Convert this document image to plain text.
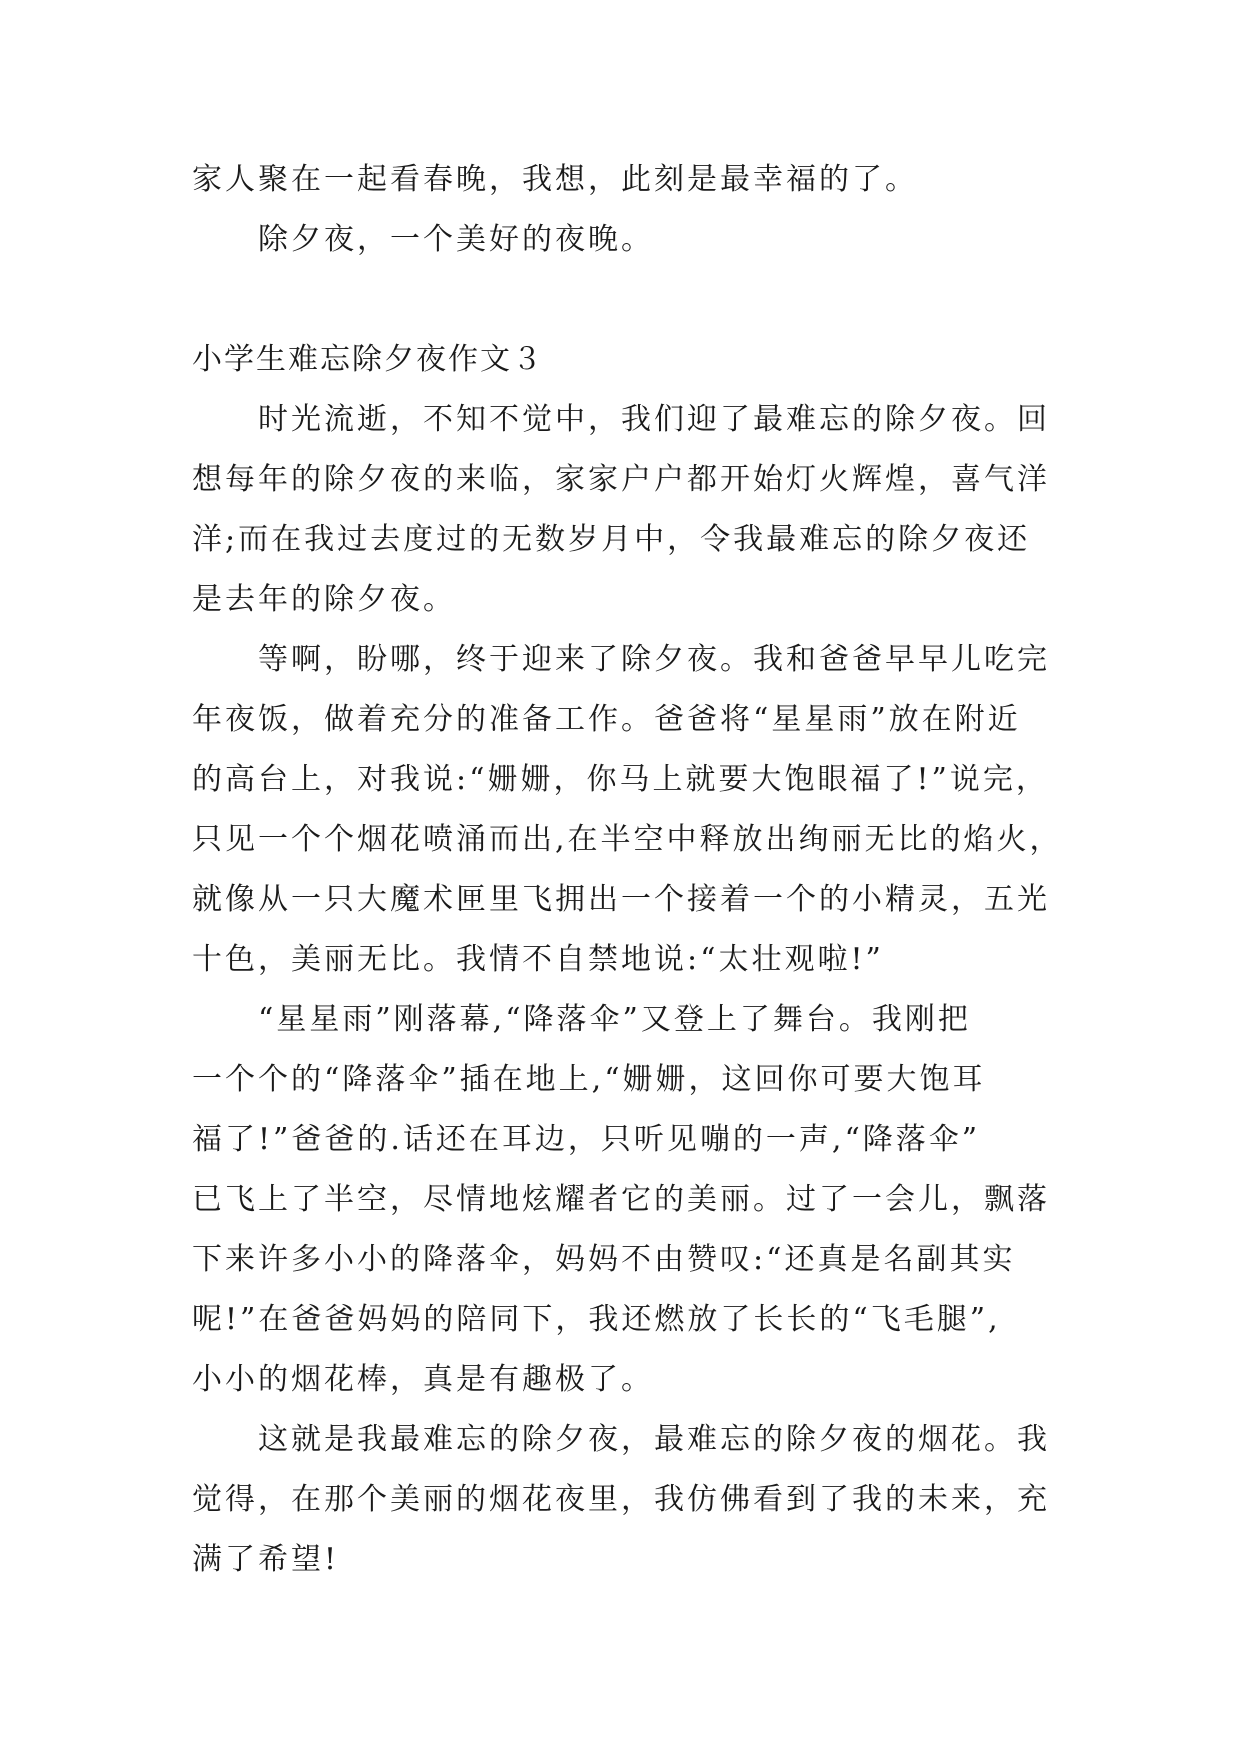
家人聚在一起看春晚，我想，此刻是最幸福的了。
除夕夜，一个美好的夜晚。
小学生难忘除夕夜作文３
时光流逝，不知不觉中，我们迎了最难忘的除夕夜。回
想每年的除夕夜的来临，家家户户都开始灯火辉煌，喜气洋
洋;而在我过去度过的无数岁月中，令我最难忘的除夕夜还
是去年的除夕夜。
等啊，盼哪，终于迎来了除夕夜。我和爸爸早早儿吃完
年夜饭，做着充分的准备工作。爸爸将“星星雨”放在附近
的高台上，对我说:“姗姗，你马上就要大饱眼福了!”说完，
只见一个个烟花喷涌而出,在半空中释放出绚丽无比的焰火，
就像从一只大魔术匣里飞拥出一个接着一个的小精灵，五光
十色，美丽无比。我情不自禁地说:“太壮观啦!”
“星星雨”刚落幕,“降落伞”又登上了舞台。我刚把
一个个的“降落伞”插在地上,“姗姗，这回你可要大饱耳
福了!”爸爸的.话还在耳边，只听见嘣的一声,“降落伞”
已飞上了半空，尽情地炫耀者它的美丽。过了一会儿，飘落
下来许多小小的降落伞，妈妈不由赞叹:“还真是名副其实
呢!”在爸爸妈妈的陪同下，我还燃放了长长的“飞毛腿”,
小小的烟花棒，真是有趣极了。
这就是我最难忘的除夕夜，最难忘的除夕夜的烟花。我
觉得，在那个美丽的烟花夜里，我仿佛看到了我的未来，充
满了希望!
